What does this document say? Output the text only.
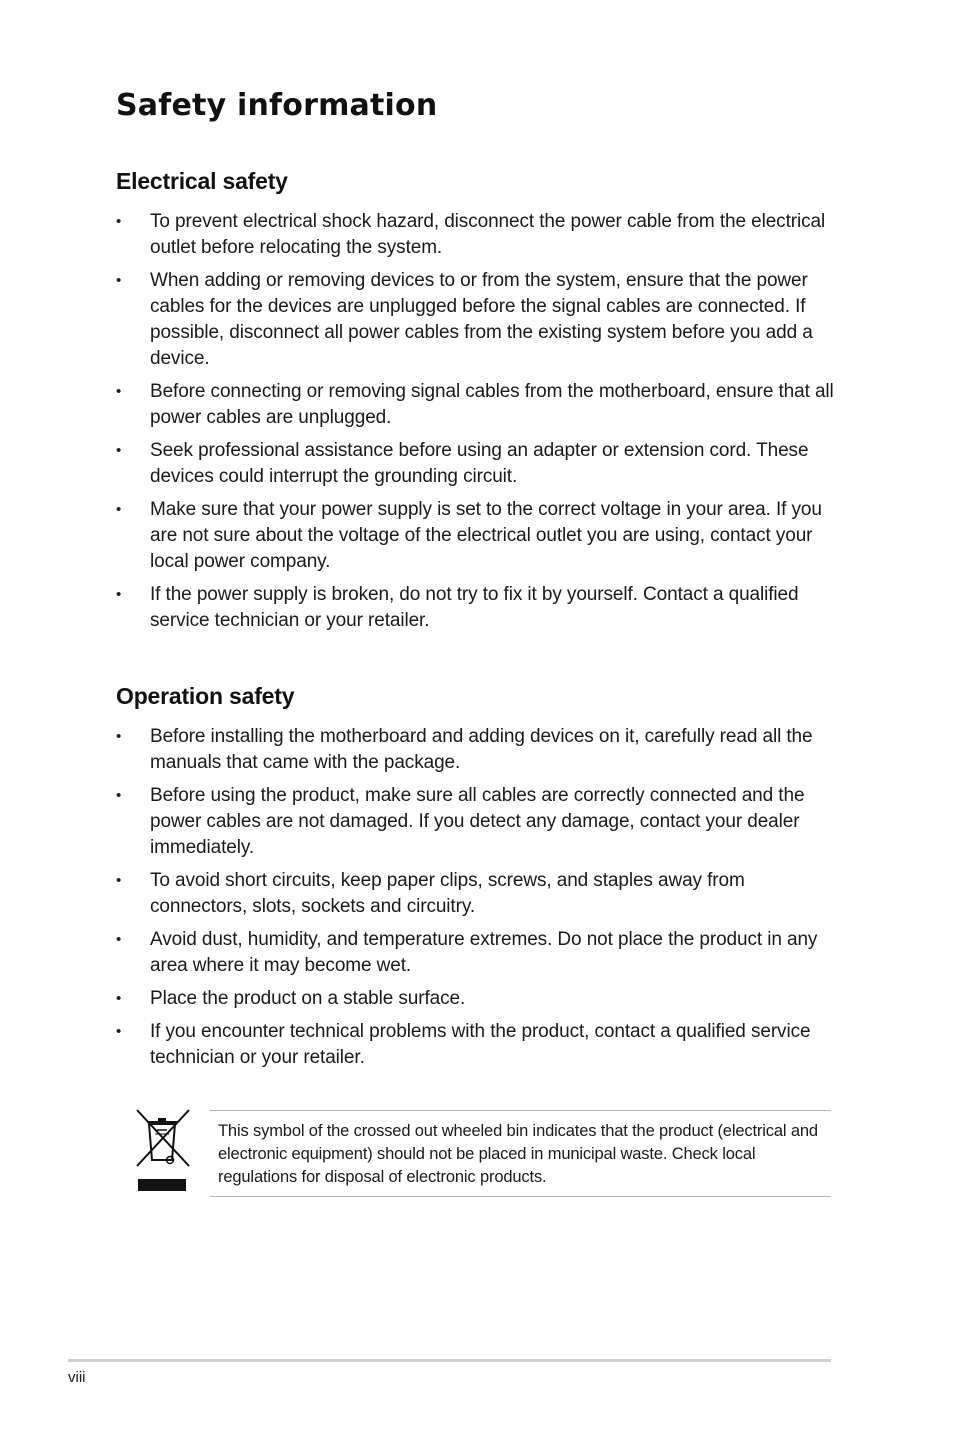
Safety information
Electrical safety
• To prevent electrical shock hazard, disconnect the power cable from the electrical outlet before relocating the system.
• When adding or removing devices to or from the system, ensure that the power cables for the devices are unplugged before the signal cables are connected. If possible, disconnect all power cables from the existing system before you add a device.
• Before connecting or removing signal cables from the motherboard, ensure that all power cables are unplugged.
• Seek professional assistance before using an adapter or extension cord. These devices could interrupt the grounding circuit.
• Make sure that your power supply is set to the correct voltage in your area. If you are not sure about the voltage of the electrical outlet you are using, contact your local power company.
• If the power supply is broken, do not try to fix it by yourself. Contact a qualified service technician or your retailer.
Operation safety
• Before installing the motherboard and adding devices on it, carefully read all the manuals that came with the package.
• Before using the product, make sure all cables are correctly connected and the power cables are not damaged. If you detect any damage, contact your dealer immediately.
• To avoid short circuits, keep paper clips, screws, and staples away from connectors, slots, sockets and circuitry.
• Avoid dust, humidity, and temperature extremes. Do not place the product in any area where it may become wet.
• Place the product on a stable surface.
• If you encounter technical problems with the product, contact a qualified service technician or your retailer.

This symbol of the crossed out wheeled bin indicates that the product (electrical and electronic equipment) should not be placed in municipal waste. Check local regulations for disposal of electronic products.

viii
